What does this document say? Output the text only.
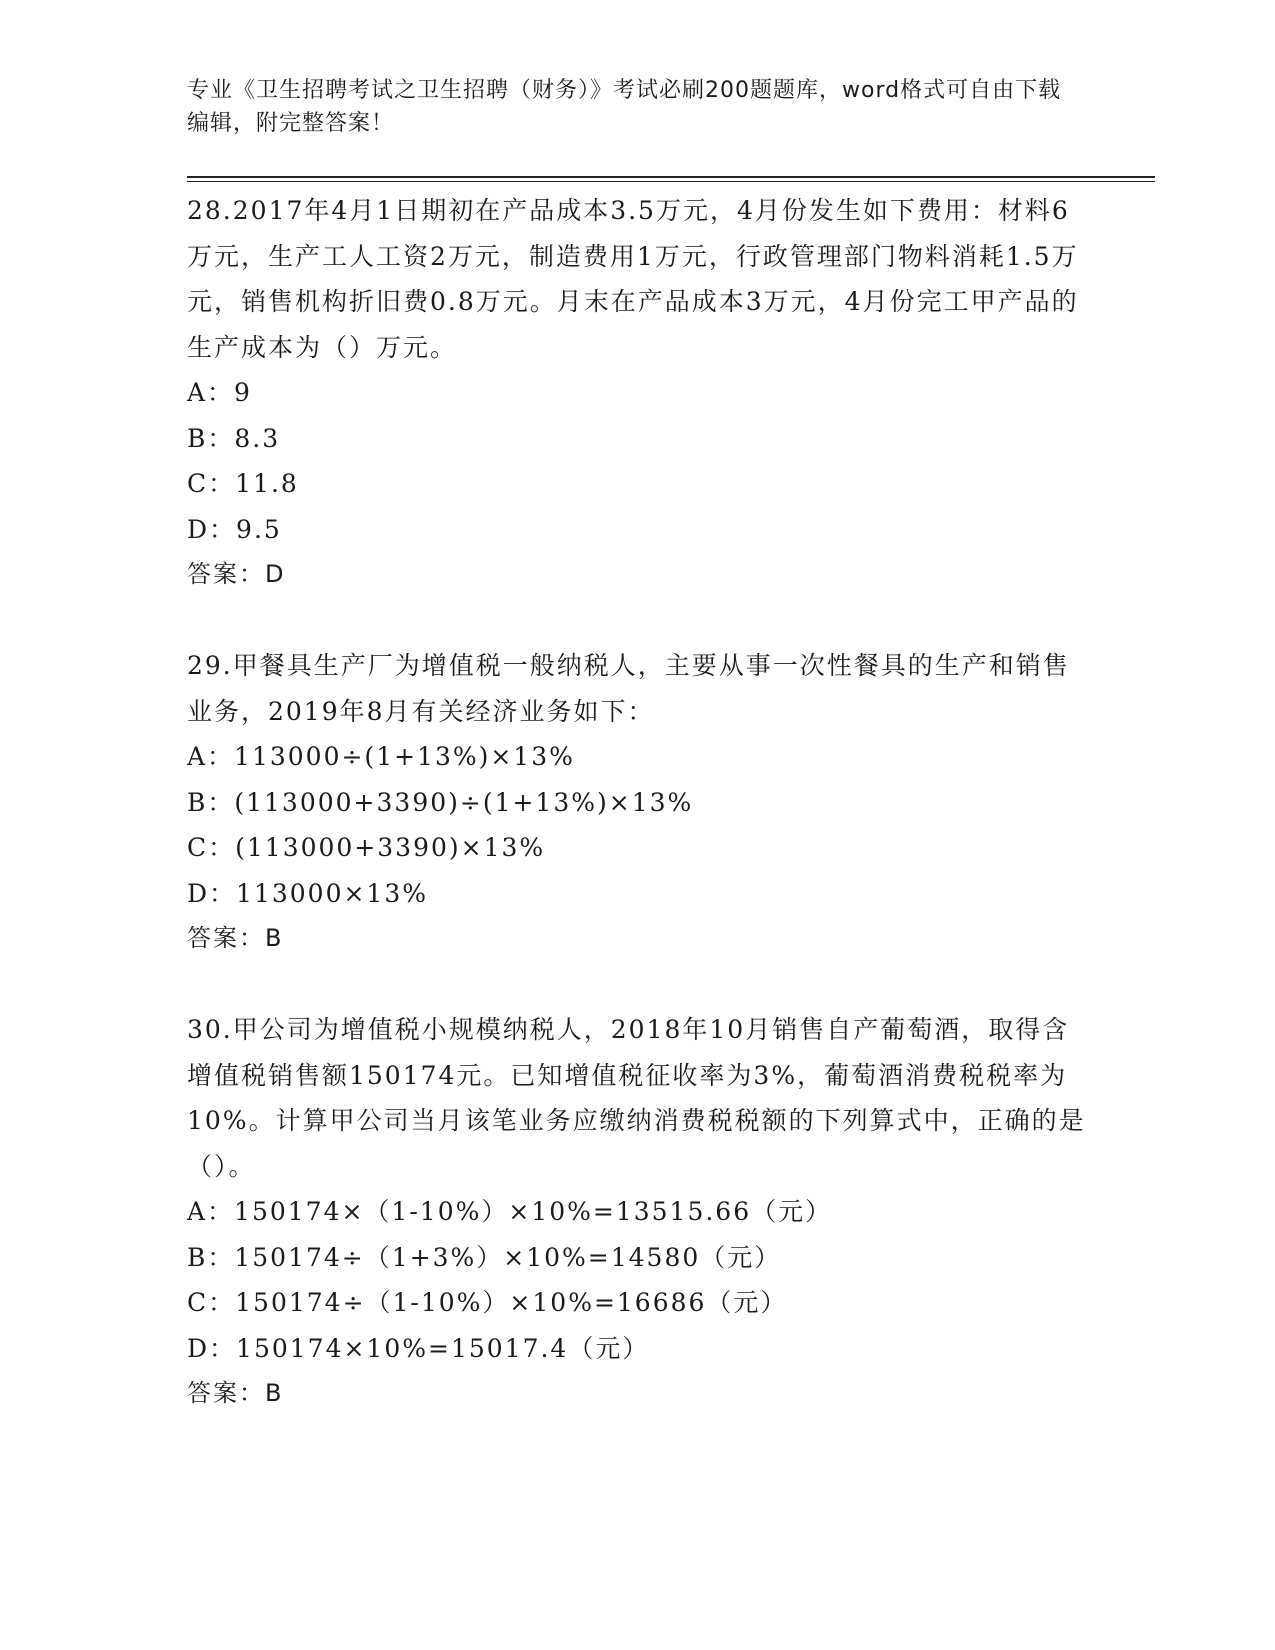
专业《卫生招聘考试之卫生招聘（财务）》考试必刷200题题库，word格式可自由下载编辑，附完整答案！

28.2017年4月1日期初在产品成本3.5万元，4月份发生如下费用：材料6万元，生产工人工资2万元，制造费用1万元，行政管理部门物料消耗1.5万元，销售机构折旧费0.8万元。月末在产品成本3万元，4月份完工甲产品的生产成本为（）万元。

A：9

B：8.3

C：11.8

D：9.5

答案：D

29.甲餐具生产厂为增值税一般纳税人，主要从事一次性餐具的生产和销售业务，2019年8月有关经济业务如下：

A：113000÷(1+13%)×13%

B：(113000+3390)÷(1+13%)×13%

C：(113000+3390)×13%

D：113000×13%

答案：B

30.甲公司为增值税小规模纳税人，2018年10月销售自产葡萄酒，取得含增值税销售额150174元。已知增值税征收率为3%，葡萄酒消费税税率为10%。计算甲公司当月该笔业务应缴纳消费税税额的下列算式中，正确的是（）。

A：150174×（1-10%）×10%=13515.66（元）

B：150174÷（1+3%）×10%=14580（元）

C：150174÷（1-10%）×10%=16686（元）

D：150174×10%=15017.4（元）

答案：B
